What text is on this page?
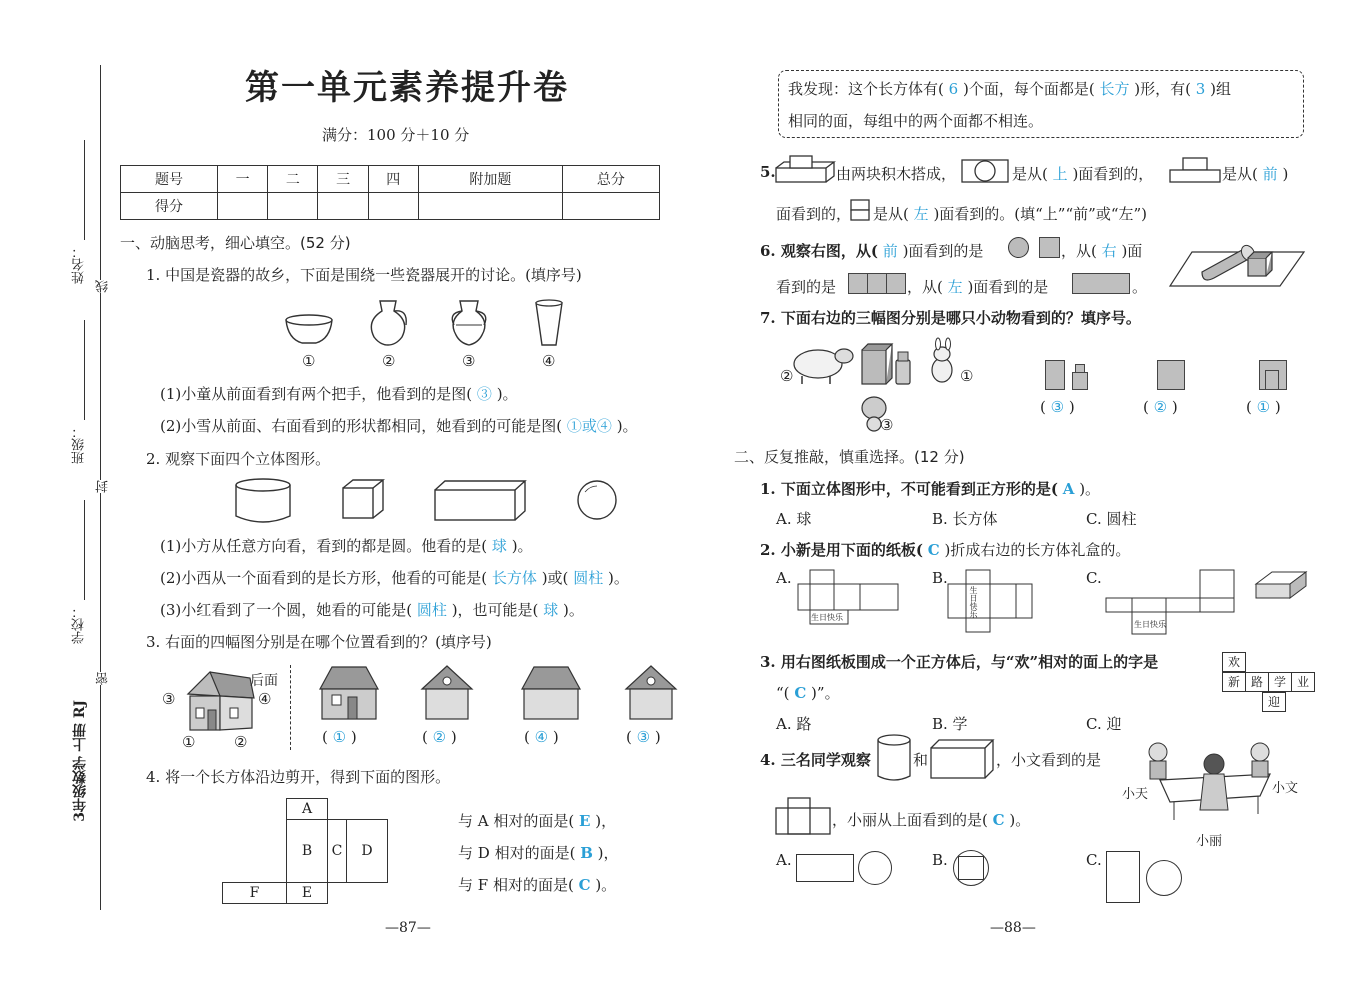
姓名：
班级：
学校：
线
封
密
3年级数学 上册 RJ
第一单元素养提升卷
满分：100 分＋10 分
题号	一	二	三	四	附加题	总分
得分						
一、动脑思考，细心填空。(52 分)
1. 中国是瓷器的故乡，下面是围绕一些瓷器展开的讨论。(填序号)
①	②	③	④
(1)小童从前面看到有两个把手，他看到的是图( ③ )。
(2)小雪从前面、右面看到的形状都相同，她看到的可能是图( ①或④ )。
2. 观察下面四个立体图形。
(1)小方从任意方向看，看到的都是圆。他看的是( 球 )。
(2)小西从一个面看到的是长方形，他看的可能是( 长方体 )或( 圆柱 )。
(3)小红看到了一个圆，她看的可能是( 圆柱 )，也可能是( 球 )。
3. 右面的四幅图分别是在哪个位置看到的？(填序号)
③
后面
④
①	②	( ① )	( ② )	( ④ )	( ③ )
4. 将一个长方体沿边剪开，得到下面的图形。
A
B	C	D
F	E
与 A 相对的面是( E )，
与 D 相对的面是( B )，
与 F 相对的面是( C )。
—87—
我发现：这个长方体有( 6 )个面，每个面都是( 长方 )形，有( 3 )组
相同的面，每组中的两个面都不相连。
5.	由两块积木搭成，	是从( 上 )面看到的，	是从( 前 )
面看到的， 是从( 左 )面看到的。(填“上”“前”或“左”)
6. 观察右图，从( 前 )面看到的是	，从( 右 )面
看到的是	，从( 左 )面看到的是	。
7. 下面右边的三幅图分别是哪只小动物看到的？填序号。
②	①
③
( ③ )	( ② )	( ① )
二、反复推敲，慎重选择。(12 分)
1. 下面立体图形中，不可能看到正方形的是( A )。
A. 球	B. 长方体	C. 圆柱
2. 小新是用下面的纸板( C )折成右边的长方体礼盒的。
A.
生日快乐
B.
生日快乐
C.
生日快乐
3. 用右图纸板围成一个正方体后，与“欢”相对的面上的字是
“( C )”。
欢
新 路 学 业
迎
A. 路	B. 学	C. 迎
4. 三名同学观察	和	，小文看到的是
小天	小文
小丽
，小丽从上面看到的是( C )。
A.	B.	C.
—88—
